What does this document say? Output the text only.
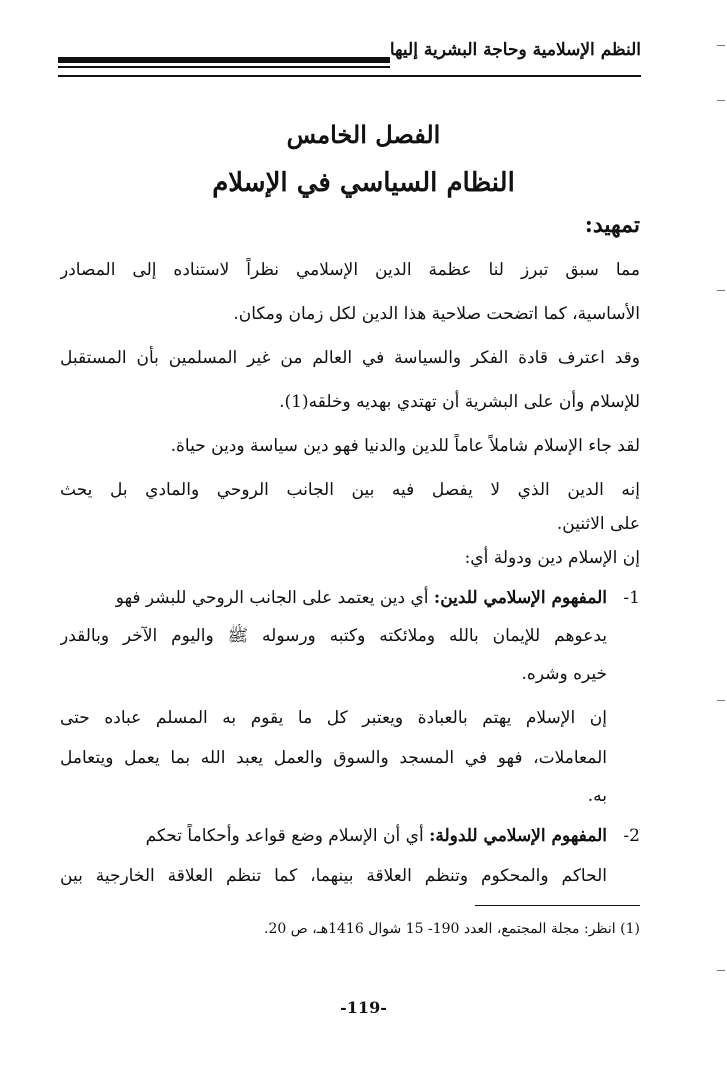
النظم الإسلامية وحاجة البشرية إليها
الفصل الخامس
النظام السياسي في الإسلام
تمهيد:
مما سبق تبرز لنا عظمة الدين الإسلامي نظراً لاستناده إلى المصادر
الأساسية، كما اتضحت صلاحية هذا الدين لكل زمان ومكان.
وقد اعترف قادة الفكر والسياسة في العالم من غير المسلمين بأن المستقبل
للإسلام وأن على البشرية أن تهتدي بهديه وخلقه(1).
لقد جاء الإسلام شاملاً عاماً للدين والدنيا فهو دين سياسة ودين حياة.
إنه الدين الذي لا يفصل فيه بين الجانب الروحي والمادي بل يحث
على الاثنين.
إن الإسلام دين ودولة أي:
1-المفهوم الإسلامي للدين: أي دين يعتمد على الجانب الروحي للبشر فهو
يدعوهم للإيمان بالله وملائكته وكتبه ورسوله ﷺ واليوم الآخر وبالقدر
خيره وشره.
إن الإسلام يهتم بالعبادة ويعتبر كل ما يقوم به المسلم عباده حتى
المعاملات، فهو في المسجد والسوق والعمل يعبد الله بما يعمل ويتعامل
به.
2-المفهوم الإسلامي للدولة: أي أن الإسلام وضع قواعد وأحكاماً تحكم
الحاكم والمحكوم وتنظم العلاقة بينهما، كما تنظم العلاقة الخارجية بين
(1) انظر: مجلة المجتمع، العدد 190- 15 شوال 1416هـ، ص 20.
-119-
